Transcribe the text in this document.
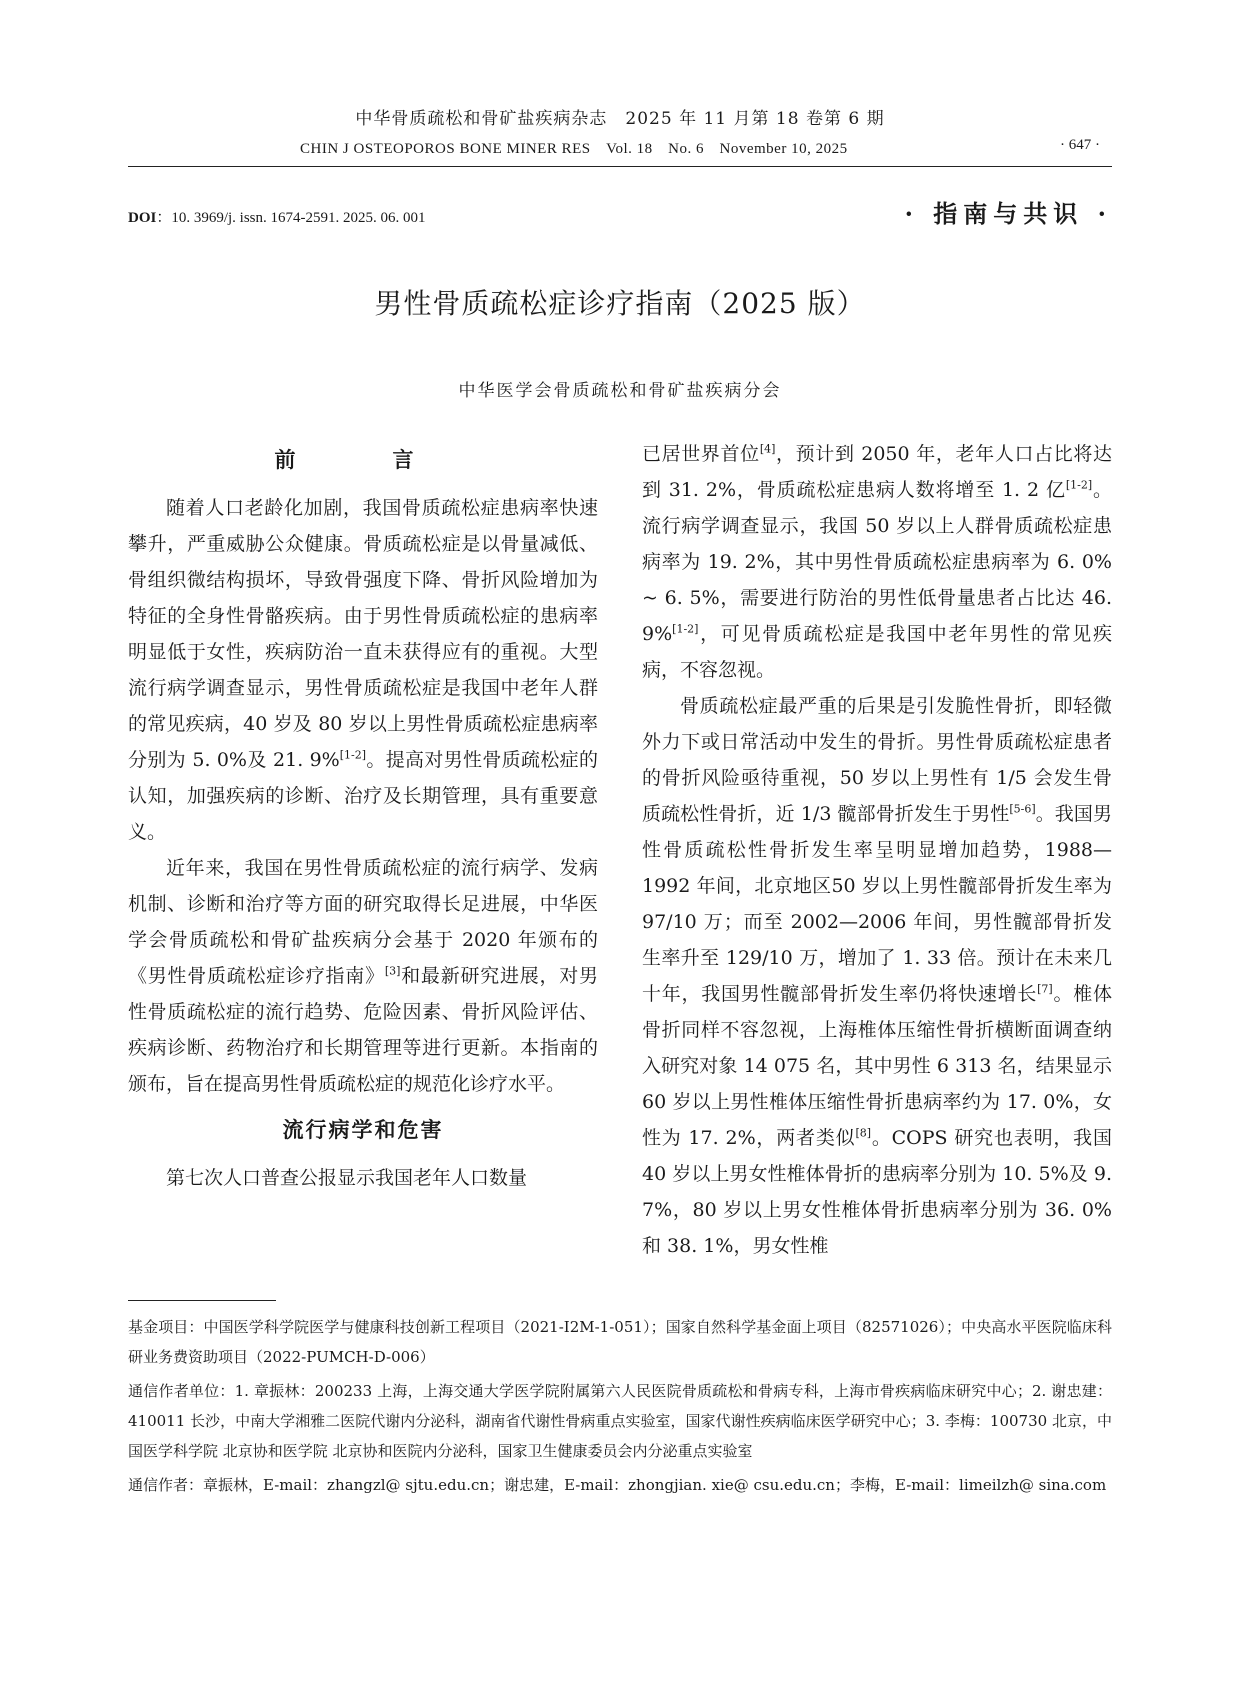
中华骨质疏松和骨矿盐疾病杂志　2025 年 11 月第 18 卷第 6 期
CHIN J OSTEOPOROS BONE MINER RES　Vol. 18　No. 6　November 10, 2025	· 647 ·
DOI：10. 3969/j. issn. 1674-2591. 2025. 06. 001	· 指南与共识 ·
男性骨质疏松症诊疗指南（2025 版）
中华医学会骨质疏松和骨矿盐疾病分会
前　言

随着人口老龄化加剧，我国骨质疏松症患病率快速攀升，严重威胁公众健康。骨质疏松症是以骨量减低、骨组织微结构损坏，导致骨强度下降、骨折风险增加为特征的全身性骨骼疾病。由于男性骨质疏松症的患病率明显低于女性，疾病防治一直未获得应有的重视。大型流行病学调查显示，男性骨质疏松症是我国中老年人群的常见疾病，40 岁及 80 岁以上男性骨质疏松症患病率分别为 5. 0%及 21. 9%[1-2]。提高对男性骨质疏松症的认知，加强疾病的诊断、治疗及长期管理，具有重要意义。

近年来，我国在男性骨质疏松症的流行病学、发病机制、诊断和治疗等方面的研究取得长足进展，中华医学会骨质疏松和骨矿盐疾病分会基于 2020 年颁布的《男性骨质疏松症诊疗指南》[3]和最新研究进展，对男性骨质疏松症的流行趋势、危险因素、骨折风险评估、疾病诊断、药物治疗和长期管理等进行更新。本指南的颁布，旨在提高男性骨质疏松症的规范化诊疗水平。

流行病学和危害

第七次人口普查公报显示我国老年人口数量

已居世界首位[4]，预计到 2050 年，老年人口占比将达到 31. 2%，骨质疏松症患病人数将增至 1. 2 亿[1-2]。流行病学调查显示，我国 50 岁以上人群骨质疏松症患病率为 19. 2%，其中男性骨质疏松症患病率为 6. 0% ~ 6. 5%，需要进行防治的男性低骨量患者占比达 46. 9%[1-2]，可见骨质疏松症是我国中老年男性的常见疾病，不容忽视。

骨质疏松症最严重的后果是引发脆性骨折，即轻微外力下或日常活动中发生的骨折。男性骨质疏松症患者的骨折风险亟待重视，50 岁以上男性有 1/5 会发生骨质疏松性骨折，近 1/3 髋部骨折发生于男性[5-6]。我国男性骨质疏松性骨折发生率呈明显增加趋势，1988—1992 年间，北京地区50 岁以上男性髋部骨折发生率为 97/10 万；而至 2002—2006 年间，男性髋部骨折发生率升至 129/10 万，增加了 1. 33 倍。预计在未来几十年，我国男性髋部骨折发生率仍将快速增长[7]。椎体骨折同样不容忽视，上海椎体压缩性骨折横断面调查纳入研究对象 14 075 名，其中男性 6 313 名，结果显示 60 岁以上男性椎体压缩性骨折患病率约为 17. 0%，女性为 17. 2%，两者类似[8]。COPS 研究也表明，我国 40 岁以上男女性椎体骨折的患病率分别为 10. 5%及 9. 7%，80 岁以上男女性椎体骨折患病率分别为 36. 0%和 38. 1%，男女性椎

基金项目：中国医学科学院医学与健康科技创新工程项目（2021-I2M-1-051）；国家自然科学基金面上项目（82571026）；中央高水平医院临床科研业务费资助项目（2022-PUMCH-D-006）

通信作者单位：1. 章振林：200233 上海，上海交通大学医学院附属第六人民医院骨质疏松和骨病专科，上海市骨疾病临床研究中心；2. 谢忠建：410011 长沙，中南大学湘雅二医院代谢内分泌科，湖南省代谢性骨病重点实验室，国家代谢性疾病临床医学研究中心；3. 李梅：100730 北京，中国医学科学院 北京协和医学院 北京协和医院内分泌科，国家卫生健康委员会内分泌重点实验室

通信作者：章振林，E-mail：zhangzl@ sjtu.edu.cn；谢忠建，E-mail：zhongjian. xie@ csu.edu.cn；李梅，E-mail：limeilzh@ sina.com
